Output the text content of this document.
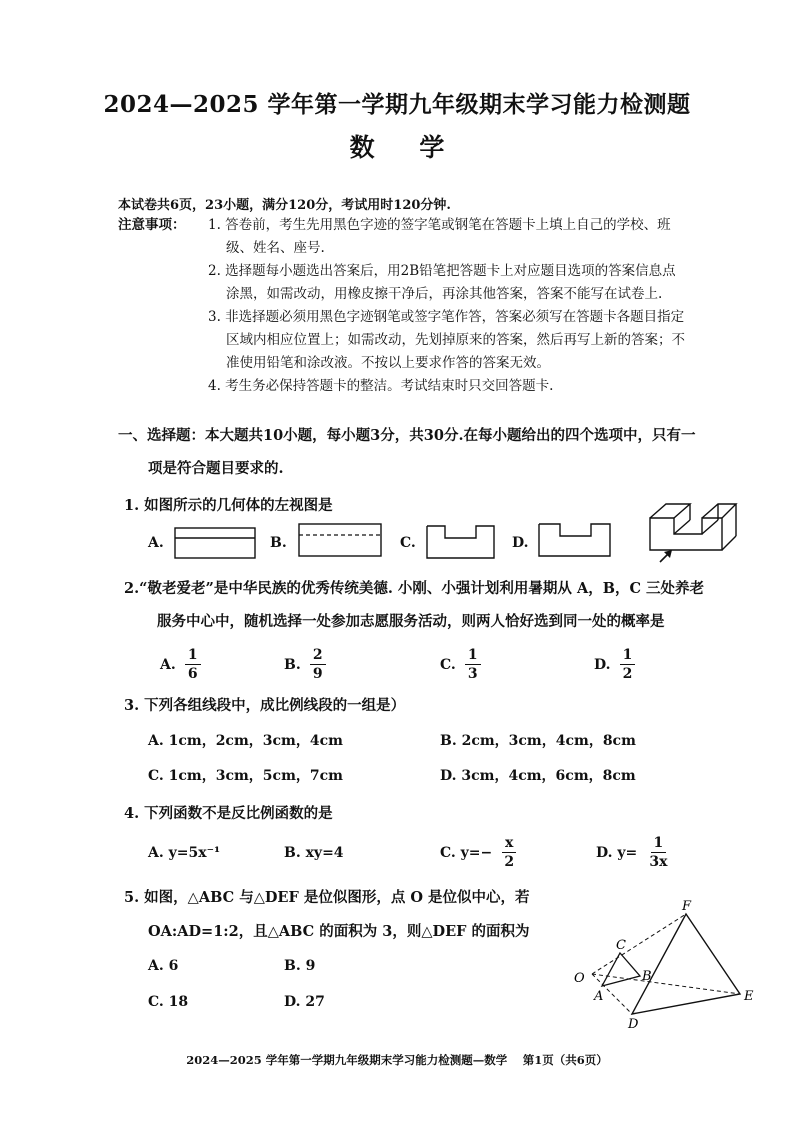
2024—2025 学年第一学期九年级期末学习能力检测题
数 学
本试卷共6页，23小题，满分120分，考试用时120分钟.
注意事项： 1. 答卷前，考生先用黑色字迹的签字笔或钢笔在答题卡上填上自己的学校、班
级、姓名、座号.
2. 选择题每小题选出答案后，用2B铅笔把答题卡上对应题目选项的答案信息点
涂黑，如需改动，用橡皮擦干净后，再涂其他答案，答案不能写在试卷上.
3. 非选择题必须用黑色字迹钢笔或签字笔作答，答案必须写在答题卡各题目指定
区域内相应位置上；如需改动，先划掉原来的答案，然后再写上新的答案；不
准使用铅笔和涂改液。不按以上要求作答的答案无效。
4. 考生务必保持答题卡的整洁。考试结束时只交回答题卡.
一、选择题：本大题共10小题，每小题3分，共30分.在每小题给出的四个选项中，只有一
项是符合题目要求的.
1. 如图所示的几何体的左视图是
A.	B.	C.	D.
2.“敬老爱老”是中华民族的优秀传统美德. 小刚、小强计划利用暑期从 A，B，C 三处养老
服务中心中，随机选择一处参加志愿服务活动，则两人恰好选到同一处的概率是
A. $\frac{1}{6}$	B. $\frac{2}{9}$	C. $\frac{1}{3}$	D. $\frac{1}{2}$
3. 下列各组线段中，成比例线段的一组是）
A. 1cm，2cm，3cm，4cm	B. 2cm，3cm，4cm，8cm
C. 1cm，3cm，5cm，7cm	D. 3cm，4cm，6cm，8cm
4. 下列函数不是反比例函数的是
A. y=5x⁻¹	B. xy=4	C. $y=- \frac{x}{2}$	D. $y= \frac{1}{3x}$
5. 如图，△ABC 与△DEF 是位似图形，点 O 是位似中心，若
OA:AD=1:2，且△ABC 的面积为 3，则△DEF 的面积为
A. 6	B. 9
C. 18	D. 27
F
E
D
C
B
A
O
2024—2025 学年第一学期九年级期末学习能力检测题—数学　 第1页（共6页）
